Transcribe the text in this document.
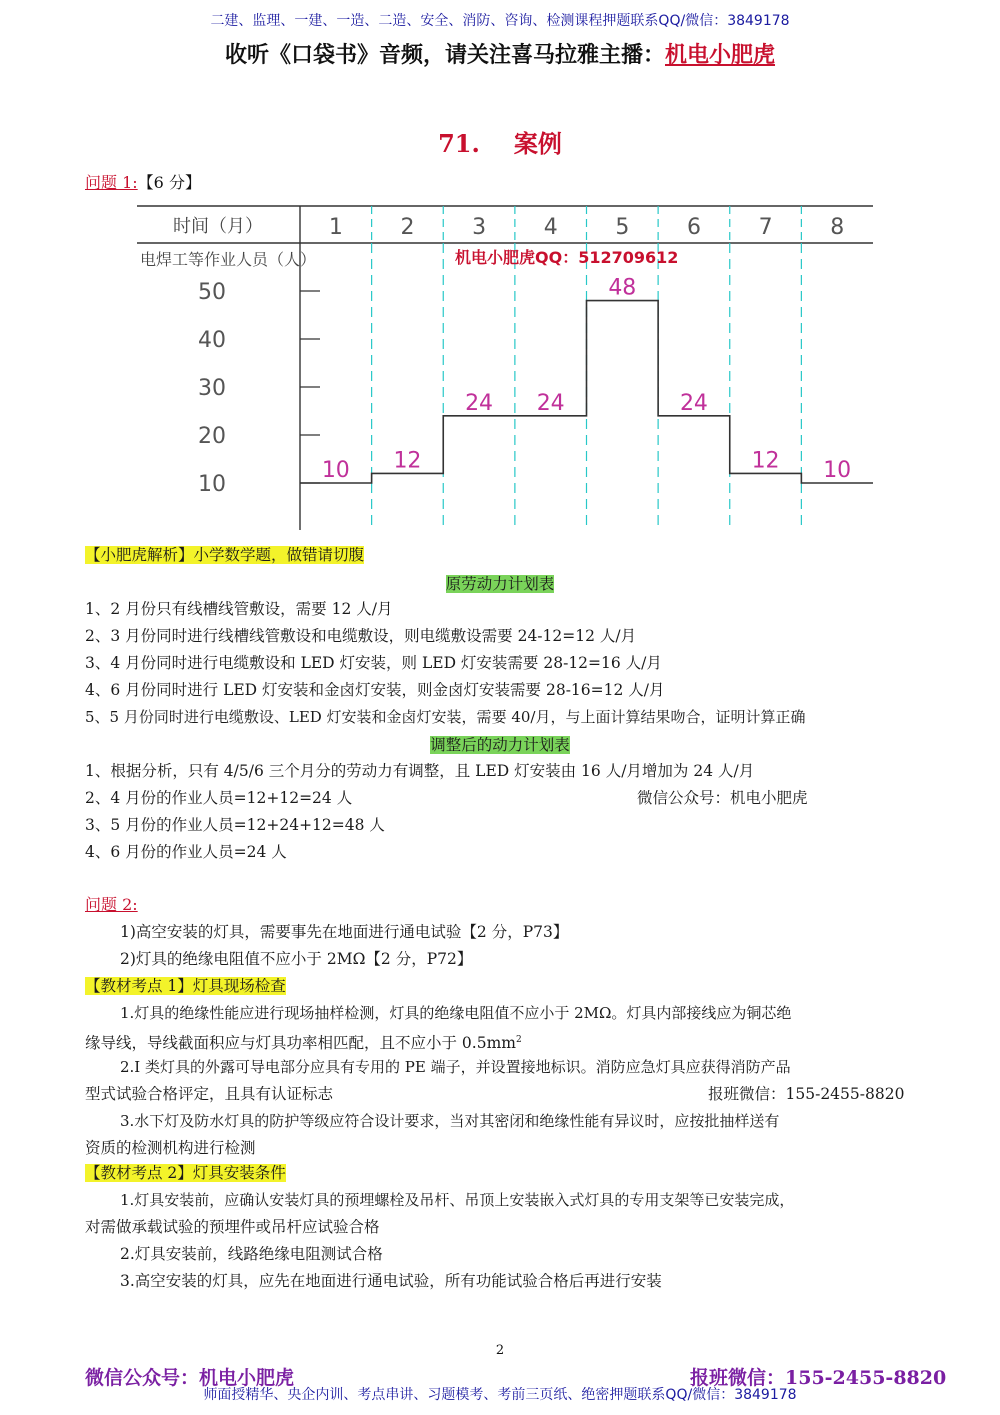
二建、监理、一建、一造、二造、安全、消防、咨询、检测课程押题联系QQ/微信：3849178
收听《口袋书》音频，请关注喜马拉雅主播：机电小肥虎
71. 案例
问题 1:【6 分】
时间（月）
电焊工等作业人员（人）
1	2	3	4	5	6	7	8
50
40
30
20
10
10 12
24 24
48
24
12 10
机电小肥虎QQ：512709612
【小肥虎解析】小学数学题，做错请切腹
原劳动力计划表
1、2 月份只有线槽线管敷设，需要 12 人/月
2、3 月份同时进行线槽线管敷设和电缆敷设，则电缆敷设需要 24-12=12 人/月
3、4 月份同时进行电缆敷设和 LED 灯安装，则 LED 灯安装需要 28-12=16 人/月
4、6 月份同时进行 LED 灯安装和金卤灯安装，则金卤灯安装需要 28-16=12 人/月
5、5 月份同时进行电缆敷设、LED 灯安装和金卤灯安装，需要 40/月，与上面计算结果吻合，证明计算正确
调整后的动力计划表
1、根据分析，只有 4/5/6 三个月分的劳动力有调整，且 LED 灯安装由 16 人/月增加为 24 人/月
2、4 月份的作业人员=12+12=24 人	微信公众号：机电小肥虎
3、5 月份的作业人员=12+24+12=48 人
4、6 月份的作业人员=24 人
问题 2:
1)高空安装的灯具，需要事先在地面进行通电试验【2 分，P73】
2)灯具的绝缘电阻值不应小于 2MΩ【2 分，P72】
【教材考点 1】灯具现场检查
1.灯具的绝缘性能应进行现场抽样检测，灯具的绝缘电阻值不应小于 2MΩ。灯具内部接线应为铜芯绝
缘导线，导线截面积应与灯具功率相匹配，且不应小于 $0.5mm^2$
2.I 类灯具的外露可导电部分应具有专用的 PE 端子，并设置接地标识。消防应急灯具应获得消防产品
型式试验合格评定，且具有认证标志	报班微信：155-2455-8820
3.水下灯及防水灯具的防护等级应符合设计要求，当对其密闭和绝缘性能有异议时，应按批抽样送有
资质的检测机构进行检测
【教材考点 2】灯具安装条件
1.灯具安装前，应确认安装灯具的预埋螺栓及吊杆、吊顶上安装嵌入式灯具的专用支架等已安装完成，
对需做承载试验的预埋件或吊杆应试验合格
2.灯具安装前，线路绝缘电阻测试合格
3.高空安装的灯具，应先在地面进行通电试验，所有功能试验合格后再进行安装
2
微信公众号：机电小肥虎	报班微信：155-2455-8820
师面授精华、央企内训、考点串讲、习题模考、考前三页纸、绝密押题联系QQ/微信：3849178
